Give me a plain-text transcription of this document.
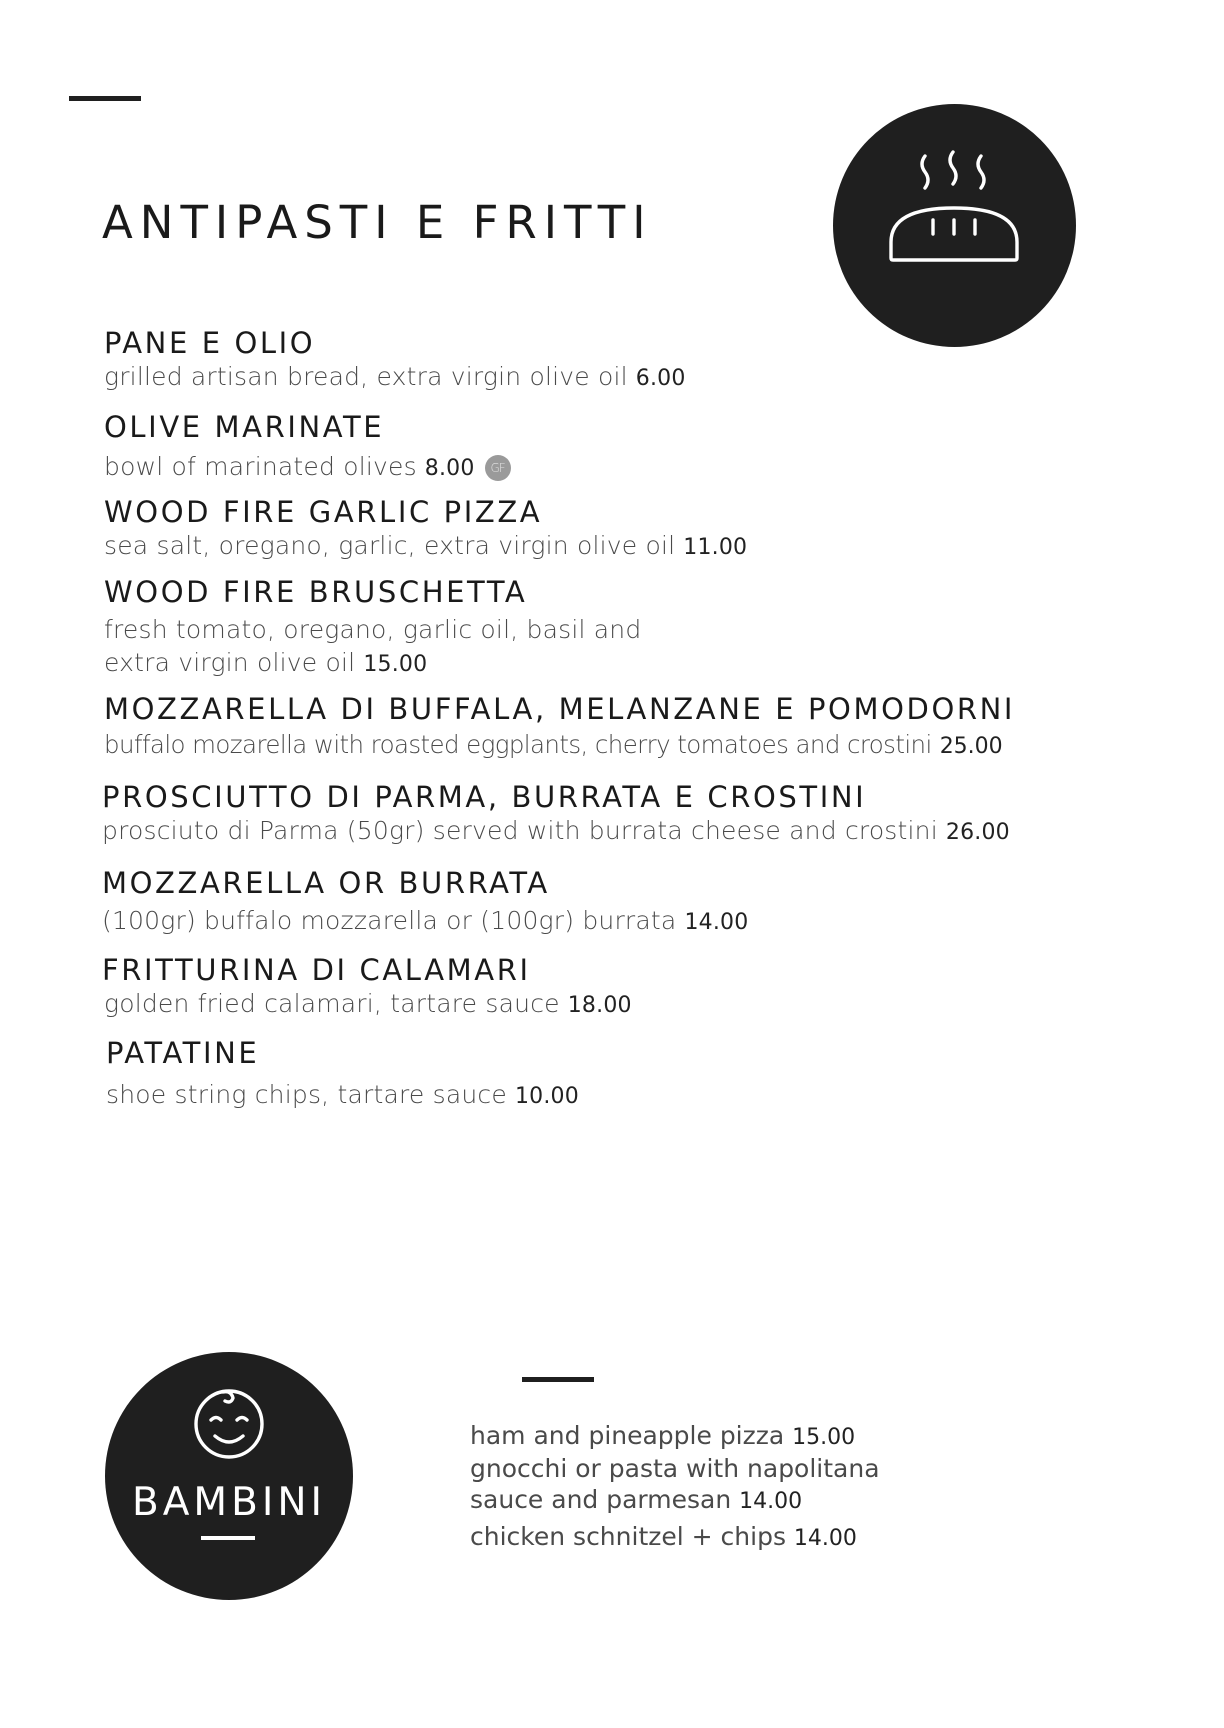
ANTIPASTI E FRITTI
PANE E OLIO
grilled artisan bread, extra virgin olive oil 6.00
OLIVE MARINATE
bowl of marinated olives 8.00 GF
WOOD FIRE GARLIC PIZZA
sea salt, oregano, garlic, extra virgin olive oil 11.00
WOOD FIRE BRUSCHETTA
fresh tomato, oregano, garlic oil, basil and
extra virgin olive oil 15.00
MOZZARELLA DI BUFFALA, MELANZANE E POMODORNI
buffalo mozarella with roasted eggplants, cherry tomatoes and crostini 25.00
PROSCIUTTO DI PARMA, BURRATA E CROSTINI
prosciuto di Parma (50gr) served with burrata cheese and crostini 26.00
MOZZARELLA OR BURRATA
(100gr) buffalo mozzarella or (100gr) burrata 14.00
FRITTURINA DI CALAMARI
golden fried calamari, tartare sauce 18.00
PATATINE
shoe string chips, tartare sauce 10.00
BAMBINI
ham and pineapple pizza 15.00
gnocchi or pasta with napolitana
sauce and parmesan 14.00
chicken schnitzel + chips 14.00
